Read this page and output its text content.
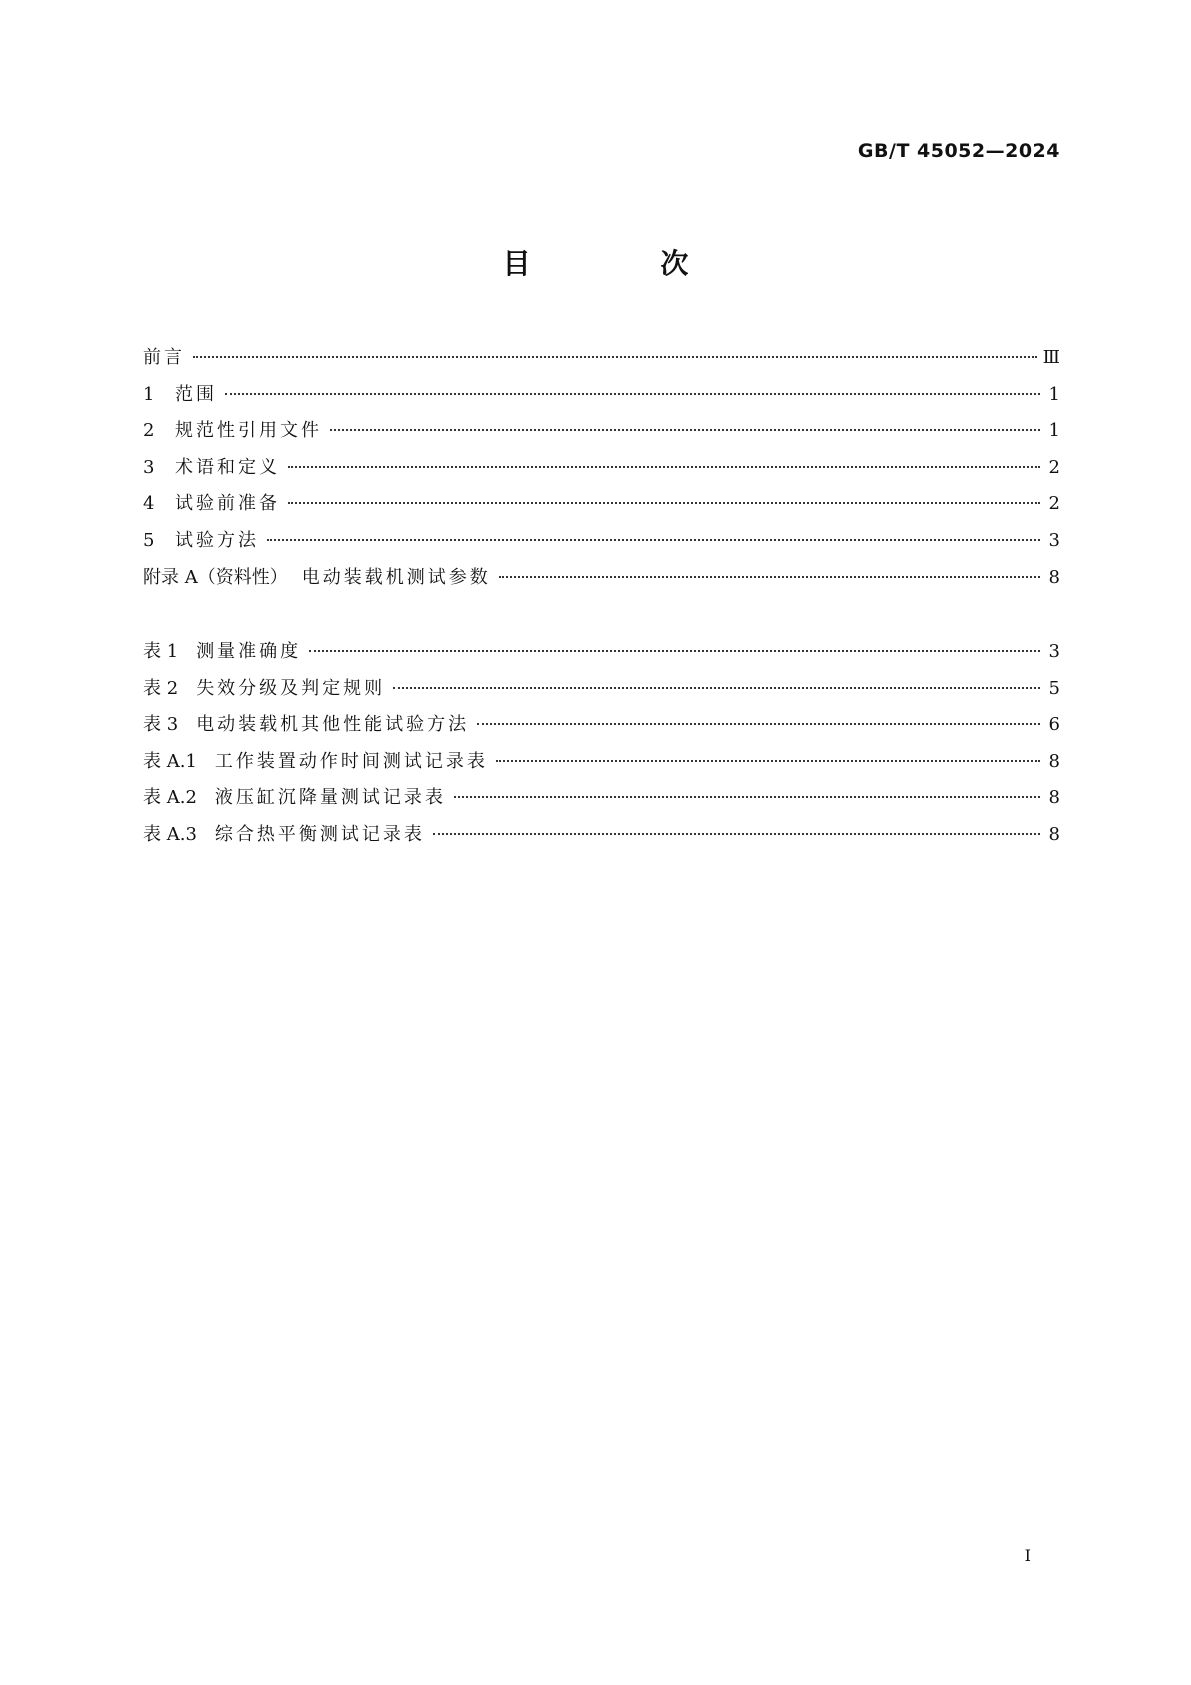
GB/T 45052—2024
目 次
前言	Ⅲ
1	范围	1
2	规范性引用文件	1
3	术语和定义	2
4	试验前准备	2
5	试验方法	3
附录 A（资料性） 电动装载机测试参数	8
表 1 测量准确度	3
表 2 失效分级及判定规则	5
表 3 电动装载机其他性能试验方法	6
表 A.1 工作装置动作时间测试记录表	8
表 A.2 液压缸沉降量测试记录表	8
表 A.3 综合热平衡测试记录表	8
Ⅰ
